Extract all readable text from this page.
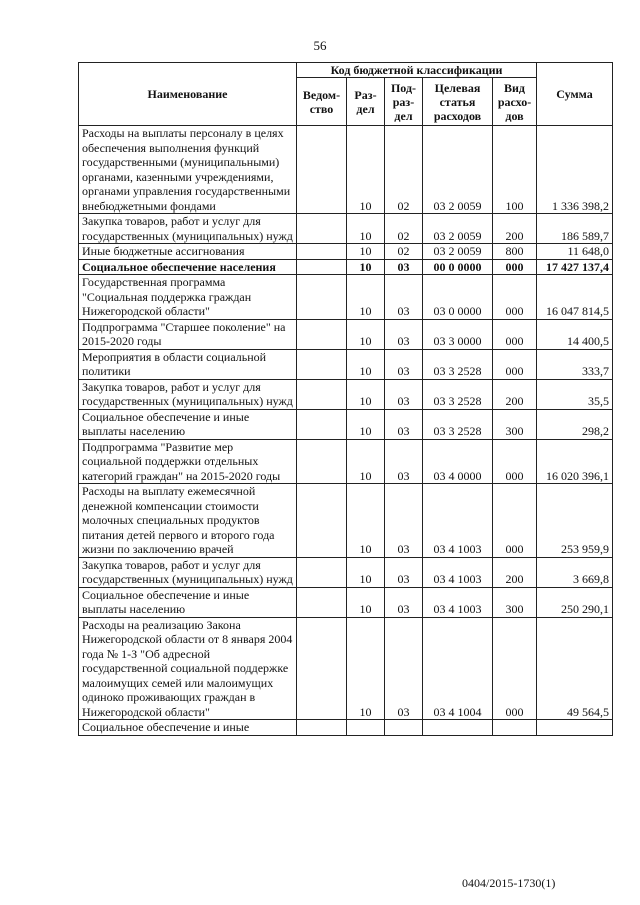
56
Наименование	Код бюджетной классификации					Сумма
	Ведом-ство	Раз-дел	Под-раз-дел	Целевая статья расходов	Вид расхо-дов	
Расходы на выплаты персоналу в целях обеспечения выполнения функций государственными (муниципальными) органами, казенными учреждениями, органами управления государственными внебюджетными фондами		10	02	03 2 0059	100	1 336 398,2
Закупка товаров, работ и услуг для государственных (муниципальных) нужд		10	02	03 2 0059	200	186 589,7
Иные бюджетные ассигнования		10	02	03 2 0059	800	11 648,0
Социальное обеспечение населения		10	03	00 0 0000	000	17 427 137,4
Государственная программа "Социальная поддержка граждан Нижегородской области"		10	03	03 0 0000	000	16 047 814,5
Подпрограмма "Старшее поколение" на 2015-2020 годы		10	03	03 3 0000	000	14 400,5
Мероприятия в области социальной политики		10	03	03 3 2528	000	333,7
Закупка товаров, работ и услуг для государственных (муниципальных) нужд		10	03	03 3 2528	200	35,5
Социальное обеспечение и иные выплаты населению		10	03	03 3 2528	300	298,2
Подпрограмма "Развитие мер социальной поддержки отдельных категорий граждан" на 2015-2020 годы		10	03	03 4 0000	000	16 020 396,1
Расходы на выплату ежемесячной денежной компенсации стоимости молочных специальных продуктов питания детей первого и второго года жизни по заключению врачей		10	03	03 4 1003	000	253 959,9
Закупка товаров, работ и услуг для государственных (муниципальных) нужд		10	03	03 4 1003	200	3 669,8
Социальное обеспечение и иные выплаты населению		10	03	03 4 1003	300	250 290,1
Расходы на реализацию Закона Нижегородской области от 8 января 2004 года № 1-З "Об адресной государственной социальной поддержке малоимущих семей или малоимущих одиноко проживающих граждан в Нижегородской области"		10	03	03 4 1004	000	49 564,5
Социальное обеспечение и иные						
0404/2015-1730(1)
